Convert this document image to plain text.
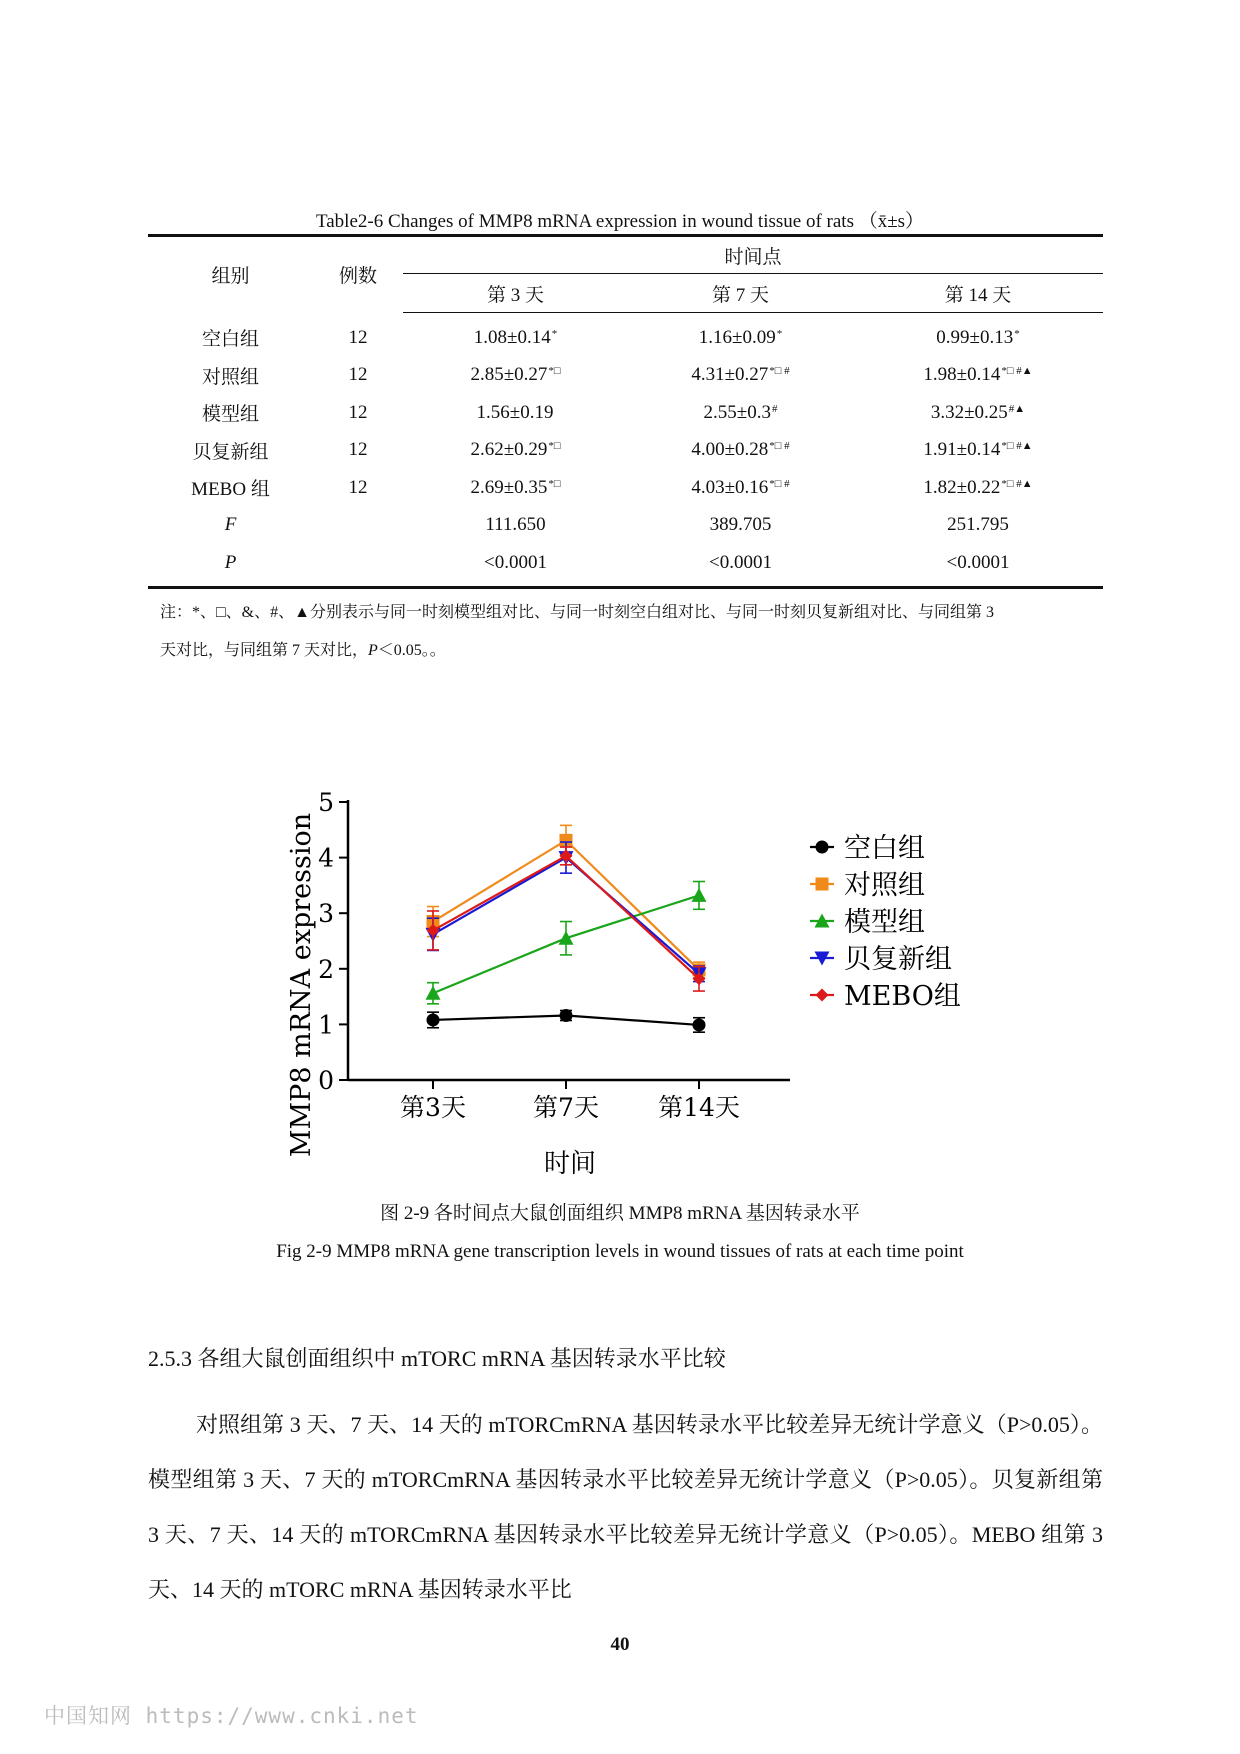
Table2-6 Changes of MMP8 mRNA expression in wound tissue of rats （x̄±s）
组别	例数	时间点		
		第 3 天	第 7 天	第 14 天
空白组	12	1.08±0.14*	1.16±0.09*	0.99±0.13*
对照组	12	2.85±0.27*□	4.31±0.27*□ #	1.98±0.14*□ #▲
模型组	12	1.56±0.19	2.55±0.3#	3.32±0.25#▲
贝复新组	12	2.62±0.29*□	4.00±0.28*□ #	1.91±0.14*□ #▲
MEBO 组	12	2.69±0.35*□	4.03±0.16*□ #	1.82±0.22*□ #▲
F		111.650	389.705	251.795
P		<0.0001	<0.0001	<0.0001
注：*、□、&、#、▲分别表示与同一时刻模型组对比、与同一时刻空白组对比、与同一时刻贝复新组对比、与同组第 3
天对比，与同组第 7 天对比，P＜0.05。。
0
1
2
3
4
5
第3天	第7天 第14天
空白组
对照组
模型组
贝复新组
MEBO组
MMP8 mRNA expression
时间
图 2-9 各时间点大鼠创面组织 MMP8 mRNA 基因转录水平
Fig 2-9 MMP8 mRNA gene transcription levels in wound tissues of rats at each time point
2.5.3 各组大鼠创面组织中 mTORC mRNA 基因转录水平比较
对照组第 3 天、7 天、14 天的 mTORCmRNA 基因转录水平比较差异无统计学意义（P>0.05）。模型组第 3 天、7 天的 mTORCmRNA 基因转录水平比较差异无统计学意义（P>0.05）。贝复新组第 3 天、7 天、14 天的 mTORCmRNA 基因转录水平比较差异无统计学意义（P>0.05）。MEBO 组第 3 天、14 天的 mTORC mRNA 基因转录水平比
40
中国知网 https://www.cnki.net
